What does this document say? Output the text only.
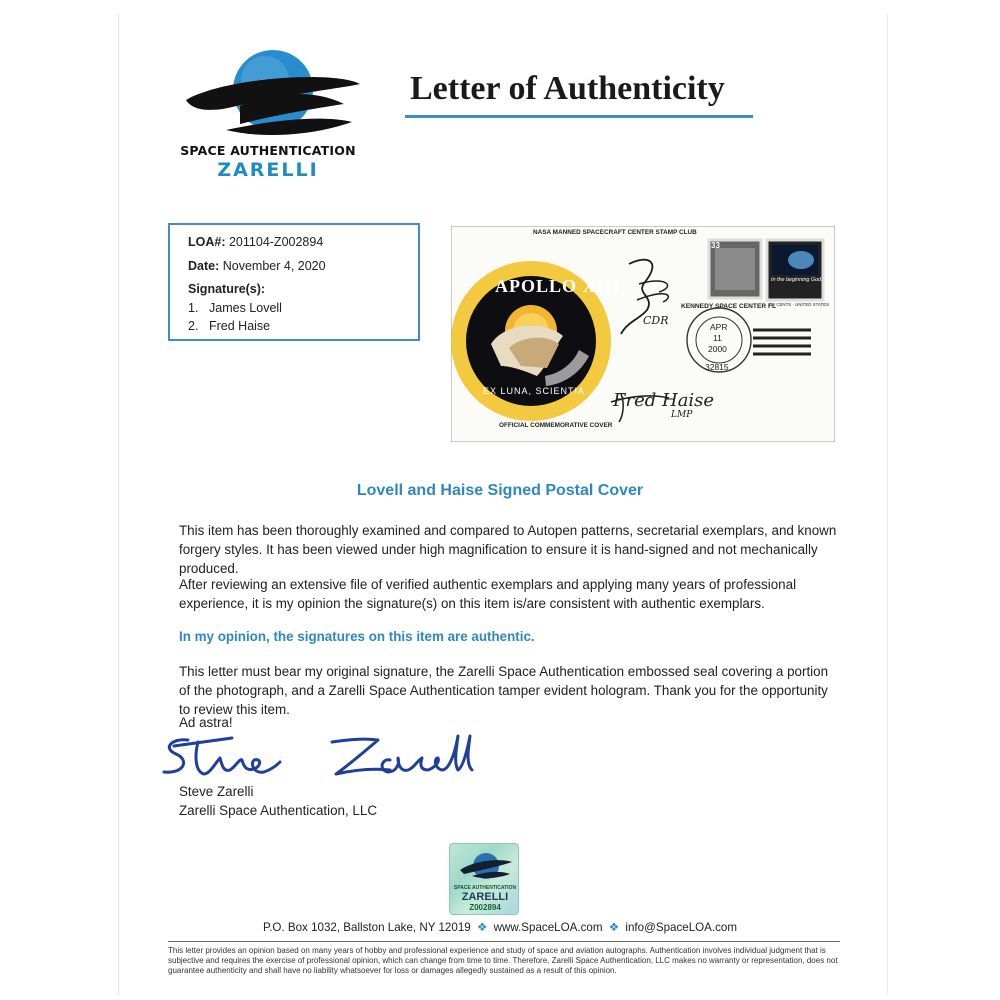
SPACE AUTHENTICATION
ZARELLI
Letter of Authenticity
LOA#: 201104-Z002894
Date: November 4, 2020
Signature(s):
1. James Lovell
2. Fred Haise
NASA MANNED SPACECRAFT CENTER STAMP CLUB
APOLLO XIII
EX LUNA, SCIENTIA
OFFICIAL COMMEMORATIVE COVER
KENNEDY SPACE CENTER FL
APR
11
2000
32815
33
In the beginning God...
US CENTS · UNITED STATES
CDR
Fred Haise
LMP
Lovell and Haise Signed Postal Cover
This item has been thoroughly examined and compared to Autopen patterns, secretarial exemplars, and known forgery styles. It has been viewed under high magnification to ensure it is hand-signed and not mechanically produced.
After reviewing an extensive file of verified authentic exemplars and applying many years of professional experience, it is my opinion the signature(s) on this item is/are consistent with authentic exemplars.
In my opinion, the signatures on this item are authentic.
This letter must bear my original signature, the Zarelli Space Authentication embossed seal covering a portion of the photograph, and a Zarelli Space Authentication tamper evident hologram. Thank you for the opportunity to review this item.
Ad astra!
Steve Zarelli
Zarelli Space Authentication, LLC
SPACE AUTHENTICATION
ZARELLI
Z002894
P.O. Box 1032, Ballston Lake, NY 12019 ❖ www.SpaceLOA.com ❖ info@SpaceLOA.com
This letter provides an opinion based on many years of hobby and professional experience and study of space and aviation autographs. Authentication involves individual judgment that is subjective and requires the exercise of professional opinion, which can change from time to time. Therefore, Zarelli Space Authentication, LLC makes no warranty or representation, does not guarantee authenticity and shall have no liability whatsoever for loss or damages allegedly sustained as a result of this opinion.
